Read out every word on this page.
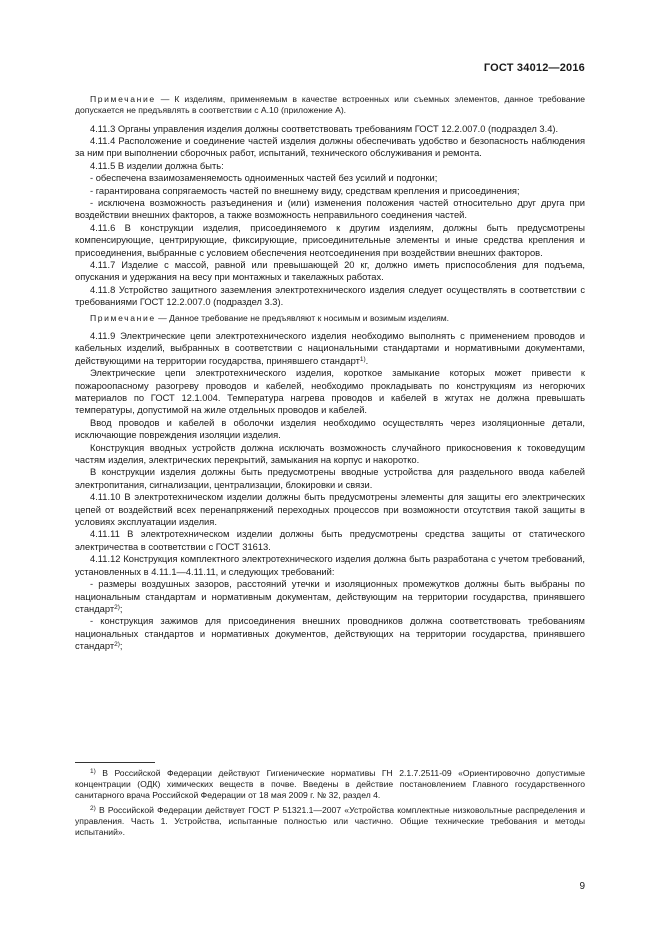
ГОСТ 34012—2016

Примечание — К изделиям, применяемым в качестве встроенных или съемных элементов, данное требование допускается не предъявлять в соответствии с А.10 (приложение А).

4.11.3 Органы управления изделия должны соответствовать требованиям ГОСТ 12.2.007.0 (подраздел 3.4).

4.11.4 Расположение и соединение частей изделия должны обеспечивать удобство и безопасность наблюдения за ним при выполнении сборочных работ, испытаний, технического обслуживания и ремонта.

4.11.5 В изделии должна быть:

- обеспечена взаимозаменяемость одноименных частей без усилий и подгонки;

- гарантирована сопрягаемость частей по внешнему виду, средствам крепления и присоединения;

- исключена возможность разъединения и (или) изменения положения частей относительно друг друга при воздействии внешних факторов, а также возможность неправильного соединения частей.

4.11.6 В конструкции изделия, присоединяемого к другим изделиям, должны быть предусмотрены компенсирующие, центрирующие, фиксирующие, присоединительные элементы и иные средства крепления и присоединения, выбранные с условием обеспечения неотсоединения при воздействии внешних факторов.

4.11.7 Изделие с массой, равной или превышающей 20 кг, должно иметь приспособления для подъема, опускания и удержания на весу при монтажных и такелажных работах.

4.11.8 Устройство защитного заземления электротехнического изделия следует осуществлять в соответствии с требованиями ГОСТ 12.2.007.0 (подраздел 3.3).

Примечание — Данное требование не предъявляют к носимым и возимым изделиям.

4.11.9 Электрические цепи электротехнического изделия необходимо выполнять с применением проводов и кабельных изделий, выбранных в соответствии с национальными стандартами и нормативными документами, действующими на территории государства, принявшего стандарт$^{1)}$.

Электрические цепи электротехнического изделия, короткое замыкание которых может привести к пожароопасному разогреву проводов и кабелей, необходимо прокладывать по конструкциям из негорючих материалов по ГОСТ 12.1.004. Температура нагрева проводов и кабелей в жгутах не должна превышать температуры, допустимой на жиле отдельных проводов и кабелей.

Ввод проводов и кабелей в оболочки изделия необходимо осуществлять через изоляционные детали, исключающие повреждения изоляции изделия.

Конструкция вводных устройств должна исключать возможность случайного прикосновения к токоведущим частям изделия, электрических перекрытий, замыкания на корпус и накоротко.

В конструкции изделия должны быть предусмотрены вводные устройства для раздельного ввода кабелей электропитания, сигнализации, централизации, блокировки и связи.

4.11.10 В электротехническом изделии должны быть предусмотрены элементы для защиты его электрических цепей от воздействий всех перенапряжений переходных процессов при возможности отсутствия такой защиты в условиях эксплуатации изделия.

4.11.11 В электротехническом изделии должны быть предусмотрены средства защиты от статического электричества в соответствии с ГОСТ 31613.

4.11.12 Конструкция комплектного электротехнического изделия должна быть разработана с учетом требований, установленных в 4.11.1—4.11.11, и следующих требований:

- размеры воздушных зазоров, расстояний утечки и изоляционных промежутков должны быть выбраны по национальным стандартам и нормативным документам, действующим на территории государства, принявшего стандарт$^{2)}$;

- конструкция зажимов для присоединения внешних проводников должна соответствовать требованиям национальных стандартов и нормативных документов, действующих на территории государства, принявшего стандарт$^{2)}$;

$^{1)}$ В Российской Федерации действуют Гигиенические нормативы ГН 2.1.7.2511-09 «Ориентировочно допустимые концентрации (ОДК) химических веществ в почве. Введены в действие постановлением Главного государственного санитарного врача Российской Федерации от 18 мая 2009 г. № 32, раздел 4.

$^{2)}$ В Российской Федерации действует ГОСТ Р 51321.1—2007 «Устройства комплектные низковольтные распределения и управления. Часть 1. Устройства, испытанные полностью или частично. Общие технические требования и методы испытаний».

9
